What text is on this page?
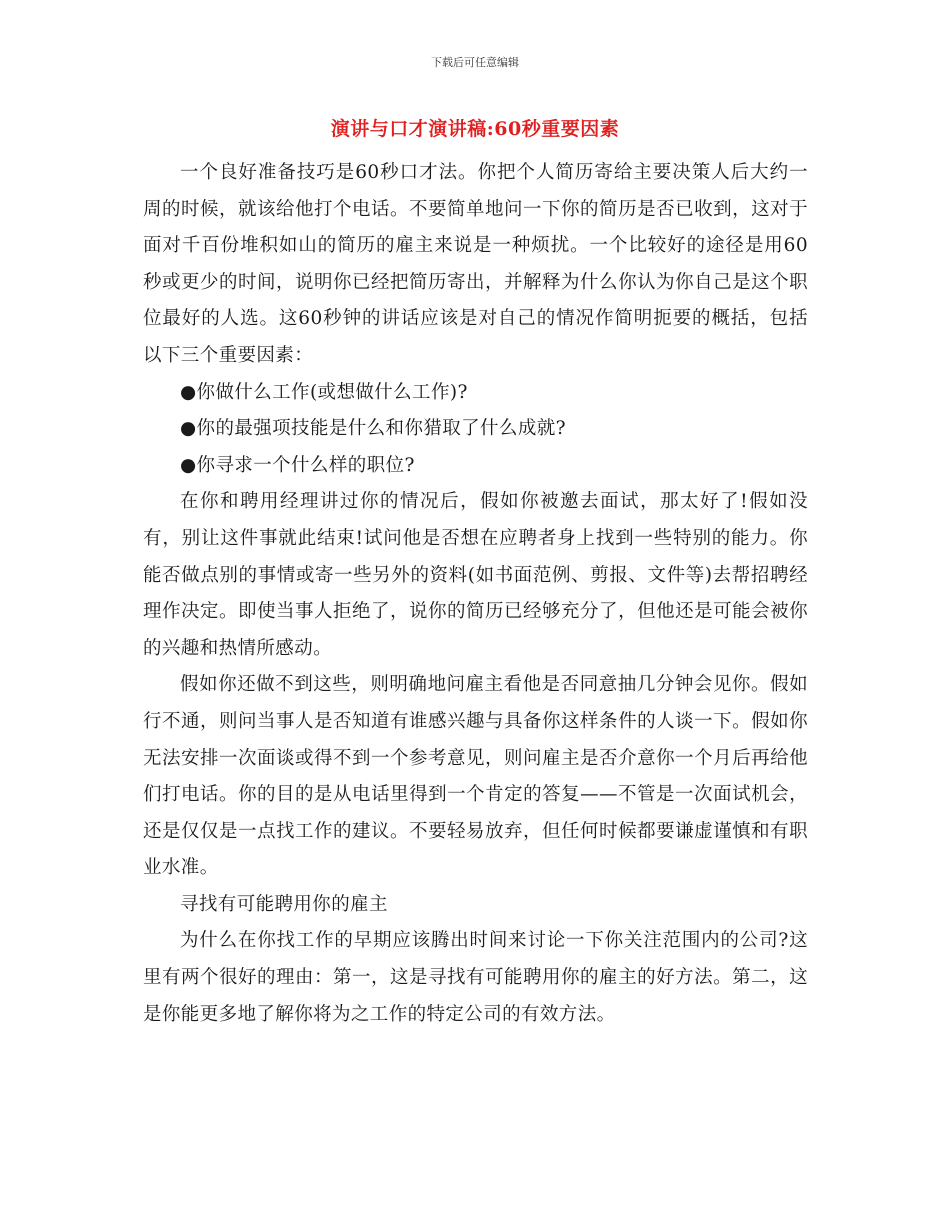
下载后可任意编辑
演讲与口才演讲稿:60秒重要因素

一个良好准备技巧是60秒口才法。你把个人简历寄给主要决策人后大约一周的时候，就该给他打个电话。不要简单地问一下你的简历是否已收到，这对于面对千百份堆积如山的简历的雇主来说是一种烦扰。一个比较好的途径是用60秒或更少的时间，说明你已经把简历寄出，并解释为什么你认为你自己是这个职位最好的人选。这60秒钟的讲话应该是对自己的情况作简明扼要的概括，包括以下三个重要因素：

●你做什么工作(或想做什么工作)?

●你的最强项技能是什么和你猎取了什么成就?

●你寻求一个什么样的职位?

在你和聘用经理讲过你的情况后，假如你被邀去面试，那太好了!假如没有，别让这件事就此结束!试问他是否想在应聘者身上找到一些特别的能力。你能否做点别的事情或寄一些另外的资料(如书面范例、剪报、文件等)去帮招聘经理作决定。即使当事人拒绝了，说你的简历已经够充分了，但他还是可能会被你的兴趣和热情所感动。

假如你还做不到这些，则明确地问雇主看他是否同意抽几分钟会见你。假如行不通，则问当事人是否知道有谁感兴趣与具备你这样条件的人谈一下。假如你无法安排一次面谈或得不到一个参考意见，则问雇主是否介意你一个月后再给他们打电话。你的目的是从电话里得到一个肯定的答复——不管是一次面试机会，还是仅仅是一点找工作的建议。不要轻易放弃，但任何时候都要谦虚谨慎和有职业水准。

寻找有可能聘用你的雇主

为什么在你找工作的早期应该腾出时间来讨论一下你关注范围内的公司?这里有两个很好的理由：第一，这是寻找有可能聘用你的雇主的好方法。第二，这是你能更多地了解你将为之工作的特定公司的有效方法。
